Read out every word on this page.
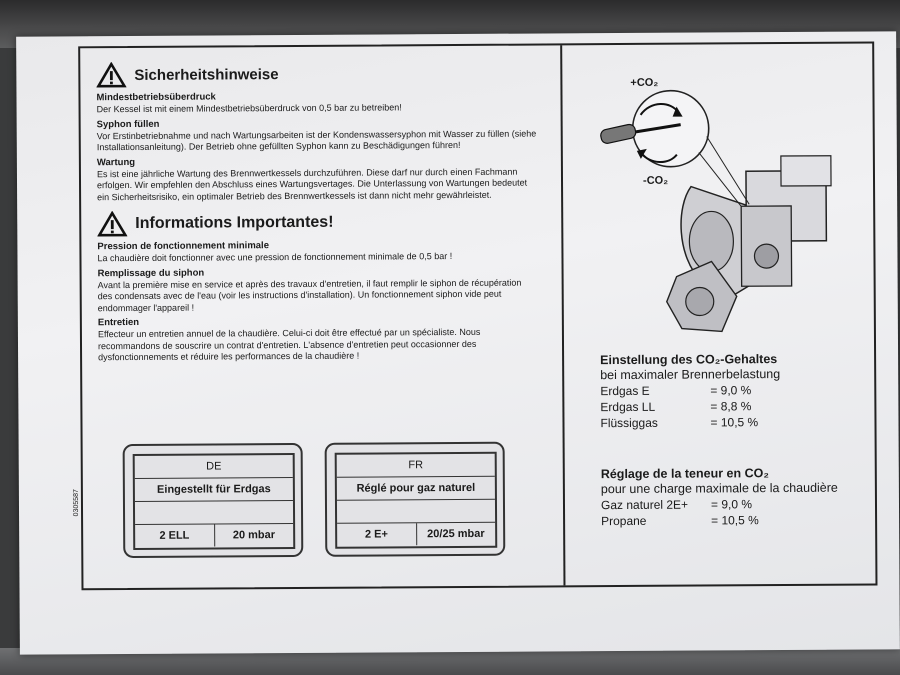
Sicherheitshinweise
Mindestbetriebsüberdruck
Der Kessel ist mit einem Mindestbetriebsüberdruck von 0,5 bar zu betreiben!
Syphon füllen
Vor Erstinbetriebnahme und nach Wartungsarbeiten ist der Kondenswassersyphon mit Wasser zu füllen (siehe Installationsanleitung). Der Betrieb ohne gefüllten Syphon kann zu Beschädigungen führen!
Wartung
Es ist eine jährliche Wartung des Brennwertkessels durchzuführen. Diese darf nur durch einen Fachmann erfolgen. Wir empfehlen den Abschluss eines Wartungsvertages. Die Unterlassung von Wartungen bedeutet ein Sicherheitsrisiko, ein optimaler Betrieb des Brennwertkessels ist dann nicht mehr gewährleistet.
Informations Importantes!
Pression de fonctionnement minimale
La chaudière doit fonctionner avec une pression de fonctionnement minimale de 0,5 bar !
Remplissage du siphon
Avant la première mise en service et après des travaux d'entretien, il faut remplir le siphon de récupération des condensats avec de l'eau (voir les instructions d'installation). Un fonctionnement siphon vide peut endommager l'appareil !
Entretien
Effecteur un entretien annuel de la chaudière. Celui-ci doit être effectué par un spécialiste. Nous recommandons de souscrire un contrat d'entretien. L'absence d'entretien peut occasionner des dysfonctionnements et réduire les performances de la chaudière !
DE
Eingestellt für Erdgas
2 ELL	20 mbar
FR
Réglé pour gaz naturel
2 E+	20/25 mbar
0305587
+CO₂
-CO₂
Einstellung des CO₂-Gehaltes
bei maximaler Brennerbelastung
Erdgas E	= 9,0 %
Erdgas LL	= 8,8 %
Flüssiggas	= 10,5 %
Réglage de la teneur en CO₂
pour une charge maximale de la chaudière
Gaz naturel 2E+	= 9,0 %
Propane	= 10,5 %
